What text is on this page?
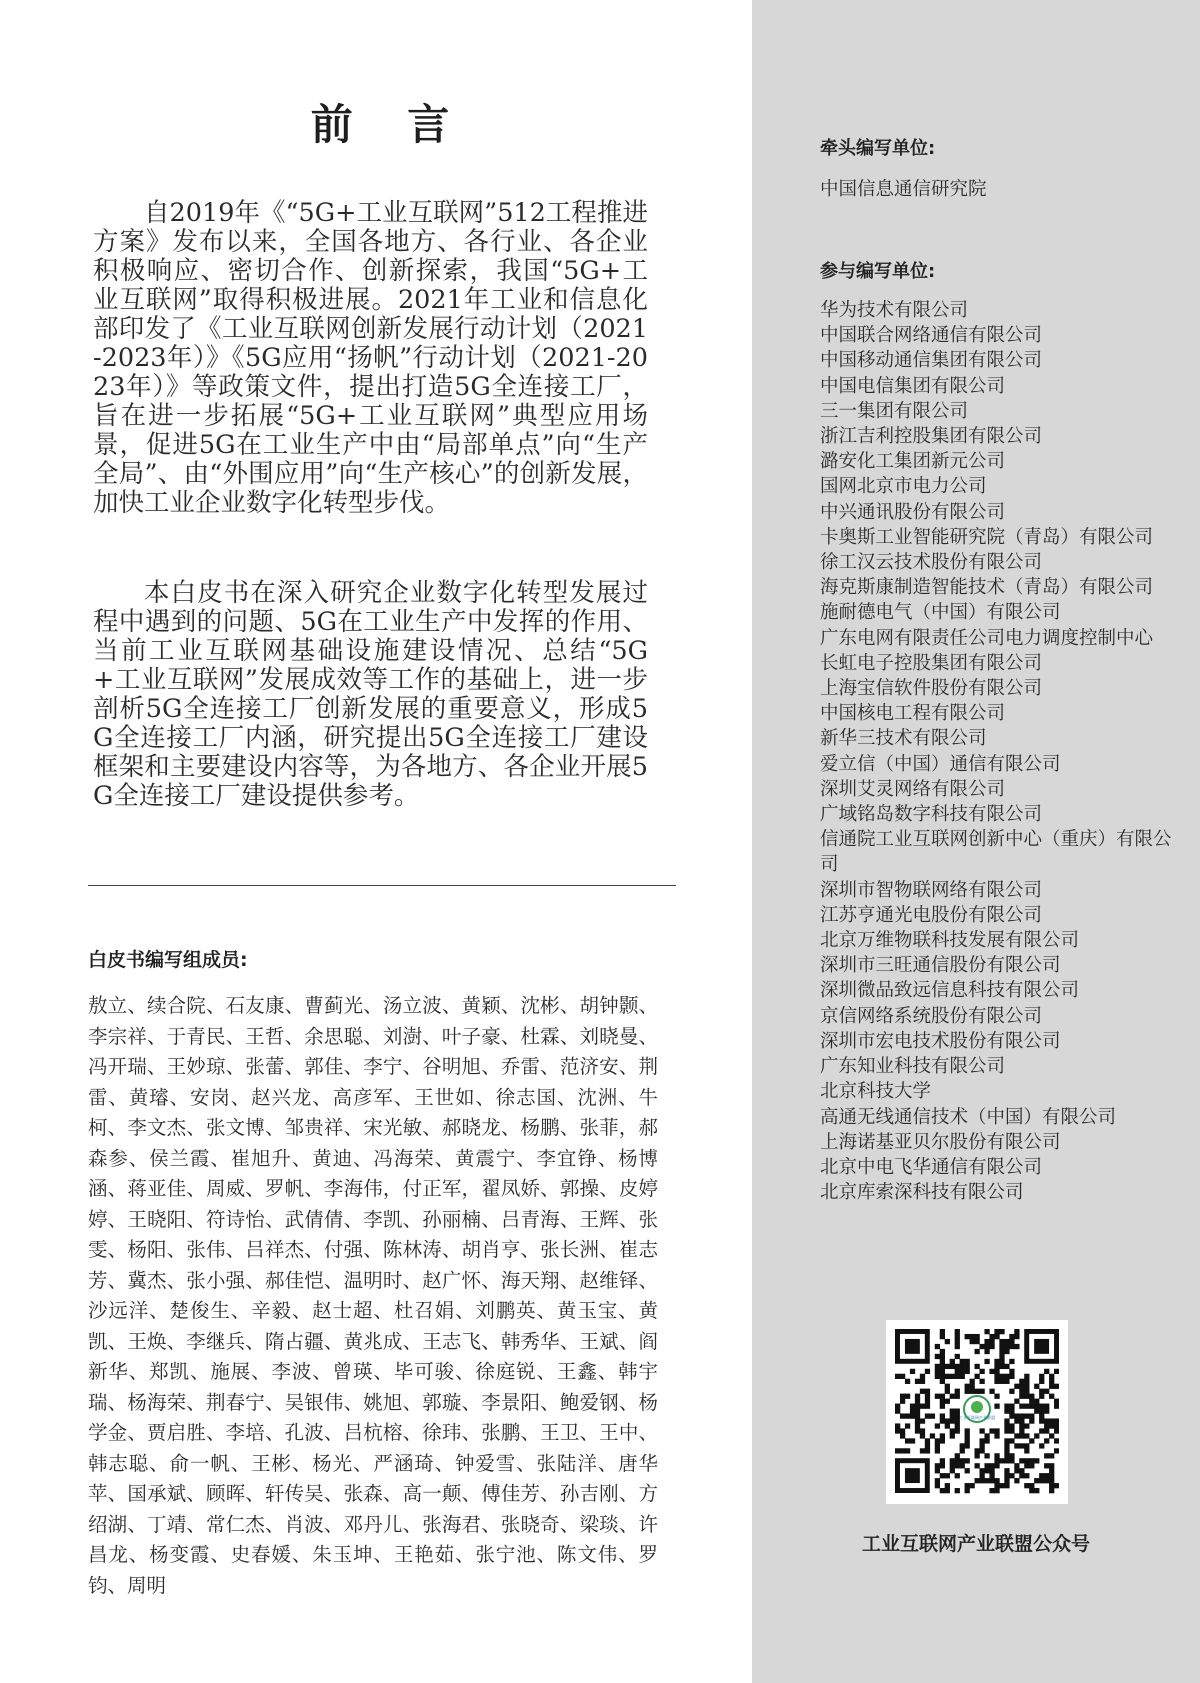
前 言

自2019年《“5G+工业互联网”512工程推进方案》发布以来，全国各地方、各行业、各企业积极响应、密切合作、创新探索，我国“5G+工业互联网”取得积极进展。2021年工业和信息化部印发了《工业互联网创新发展行动计划（2021-2023年）》《5G应用“扬帆”行动计划（2021-2023年）》等政策文件，提出打造5G全连接工厂，旨在进一步拓展“5G+工业互联网”典型应用场景，促进5G在工业生产中由“局部单点”向“生产全局”、由“外围应用”向“生产核心”的创新发展，加快工业企业数字化转型步伐。

本白皮书在深入研究企业数字化转型发展过程中遇到的问题、5G在工业生产中发挥的作用、当前工业互联网基础设施建设情况、总结“5G+工业互联网”发展成效等工作的基础上，进一步剖析5G全连接工厂创新发展的重要意义，形成5G全连接工厂内涵，研究提出5G全连接工厂建设框架和主要建设内容等，为各地方、各企业开展5G全连接工厂建设提供参考。

白皮书编写组成员:

敖立、续合院、石友康、曹蓟光、汤立波、黄颖、沈彬、胡钟颢、李宗祥、于青民、王哲、余思聪、刘澍、叶子豪、杜霖、刘晓曼、冯开瑞、王妙琼、张蕾、郭佳、李宁、谷明旭、乔雷、范济安、荆雷、黄璿、安岗、赵兴龙、高彦军、王世如、徐志国、沈洲、牛柯、李文杰、张文博、邹贵祥、宋光敏、郝晓龙、杨鹏、张菲，郝森参、侯兰霞、崔旭升、黄迪、冯海荣、黄震宁、李宜铮、杨博涵、蒋亚佳、周威、罗帆、李海伟，付正军，翟凤娇、郭操、皮婷婷、王晓阳、符诗怡、武倩倩、李凯、孙丽楠、吕青海、王辉、张雯、杨阳、张伟、吕祥杰、付强、陈林涛、胡肖亨、张长洲、崔志芳、冀杰、张小强、郝佳恺、温明时、赵广怀、海天翔、赵维铎、沙远洋、楚俊生、辛毅、赵士超、杜召娟、刘鹏英、黄玉宝、黄凯、王焕、李继兵、隋占疆、黄兆成、王志飞、韩秀华、王斌、阎新华、郑凯、施展、李波、曾瑛、毕可骏、徐庭锐、王鑫、韩宇瑞、杨海荣、荆春宁、吴银伟、姚旭、郭璇、李景阳、鲍爱钢、杨学金、贾启胜、李培、孔波、吕杭榕、徐玮、张鹏、王卫、王中、韩志聪、俞一帆、王彬、杨光、严涵琦、钟爱雪、张陆洋、唐华苹、国承斌、顾晖、轩传吴、张森、高一颠、傅佳芳、孙吉刚、方绍湖、丁靖、常仁杰、肖波、邓丹儿、张海君、张晓奇、梁琰、许昌龙、杨变霞、史春媛、朱玉坤、王艳茹、张宁池、陈文伟、罗钧、周明

牵头编写单位:

中国信息通信研究院

参与编写单位:
华为技术有限公司
中国联合网络通信有限公司
中国移动通信集团有限公司
中国电信集团有限公司
三一集团有限公司
浙江吉利控股集团有限公司
潞安化工集团新元公司
国网北京市电力公司
中兴通讯股份有限公司
卡奥斯工业智能研究院（青岛）有限公司
徐工汉云技术股份有限公司
海克斯康制造智能技术（青岛）有限公司
施耐德电气（中国）有限公司
广东电网有限责任公司电力调度控制中心
长虹电子控股集团有限公司
上海宝信软件股份有限公司
中国核电工程有限公司
新华三技术有限公司
爱立信（中国）通信有限公司
深圳艾灵网络有限公司
广域铭岛数字科技有限公司
信通院工业互联网创新中心（重庆）有限公司
深圳市智物联网络有限公司
江苏亨通光电股份有限公司
北京万维物联科技发展有限公司
深圳市三旺通信股份有限公司
深圳微品致远信息科技有限公司
京信网络系统股份有限公司
深圳市宏电技术股份有限公司
广东知业科技有限公司
北京科技大学
高通无线通信技术（中国）有限公司
上海诺基亚贝尔股份有限公司
北京中电飞华通信有限公司
北京库索深科技有限公司
工业互联网产业联盟

工业互联网产业联盟公众号
